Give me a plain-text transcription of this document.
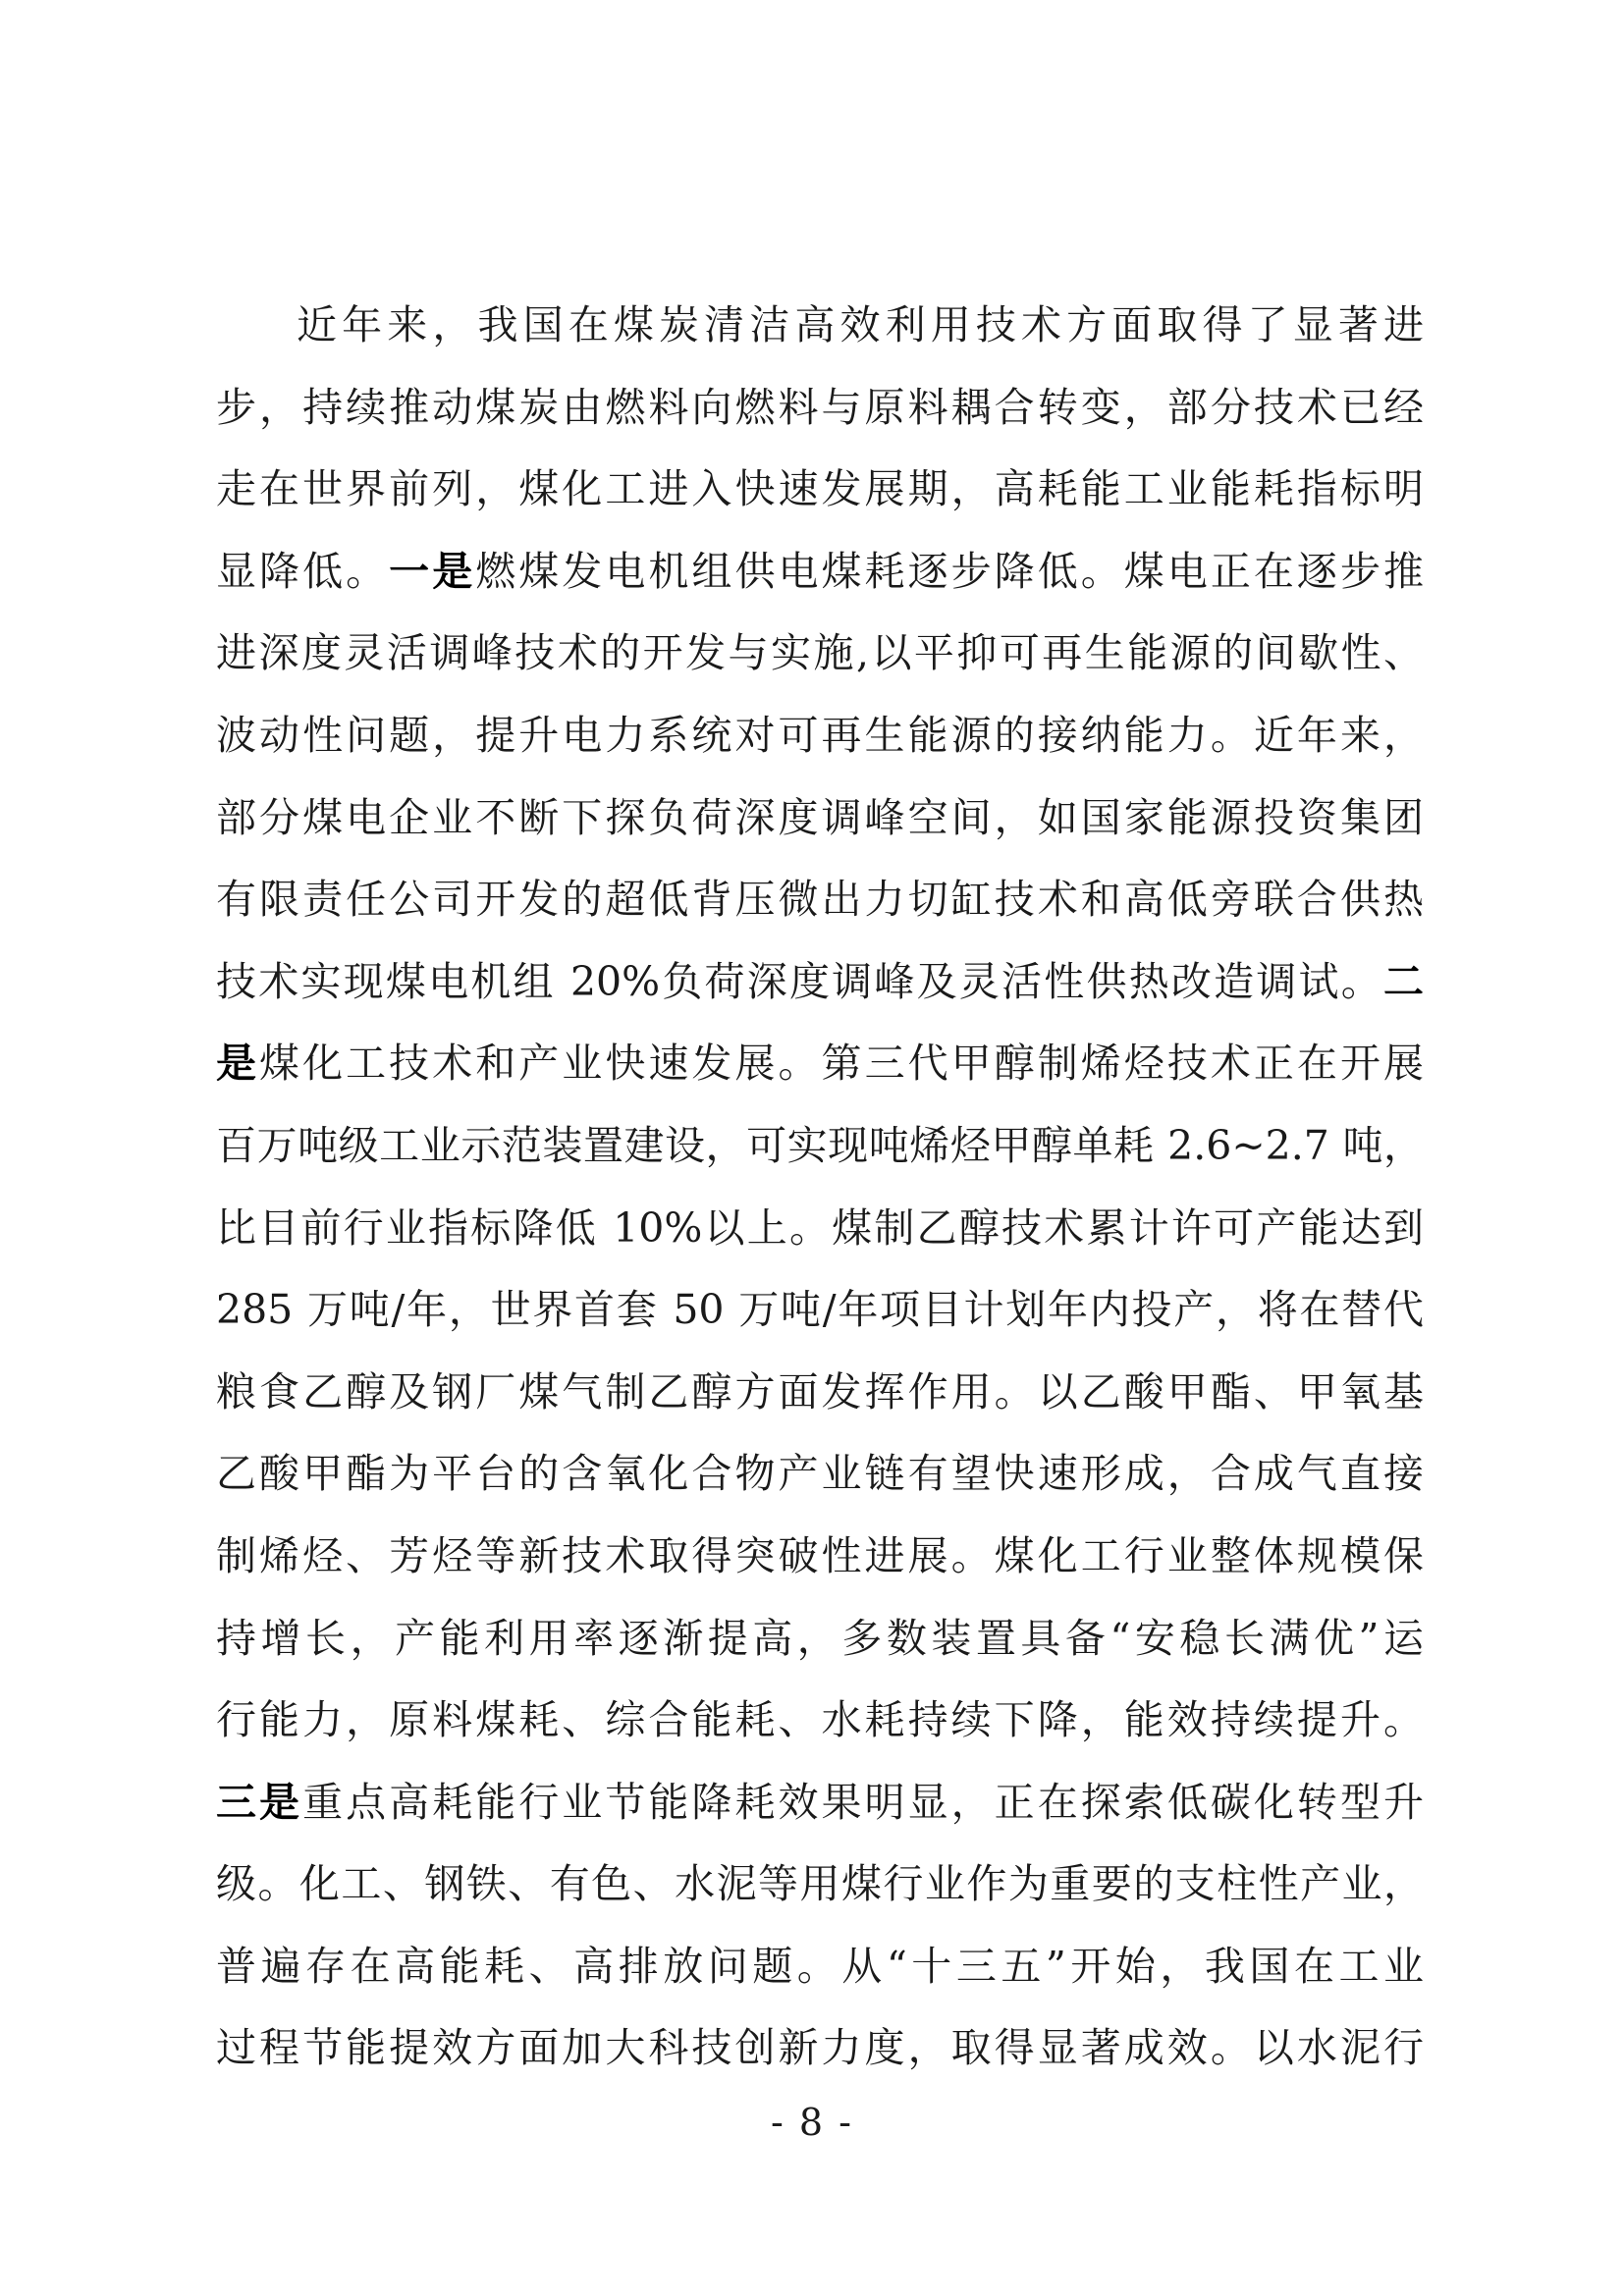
近年来，我国在煤炭清洁高效利用技术方面取得了显著进
步，持续推动煤炭由燃料向燃料与原料耦合转变，部分技术已经
走在世界前列，煤化工进入快速发展期，高耗能工业能耗指标明
显降低。一是燃煤发电机组供电煤耗逐步降低。煤电正在逐步推
进深度灵活调峰技术的开发与实施,以平抑可再生能源的间歇性、
波动性问题，提升电力系统对可再生能源的接纳能力。近年来，
部分煤电企业不断下探负荷深度调峰空间，如国家能源投资集团
有限责任公司开发的超低背压微出力切缸技术和高低旁联合供热
技术实现煤电机组 20%负荷深度调峰及灵活性供热改造调试。二
是煤化工技术和产业快速发展。第三代甲醇制烯烃技术正在开展
百万吨级工业示范装置建设，可实现吨烯烃甲醇单耗 2.6~2.7 吨，
比目前行业指标降低 10%以上。煤制乙醇技术累计许可产能达到
285 万吨/年，世界首套 50 万吨/年项目计划年内投产，将在替代
粮食乙醇及钢厂煤气制乙醇方面发挥作用。以乙酸甲酯、甲氧基
乙酸甲酯为平台的含氧化合物产业链有望快速形成，合成气直接
制烯烃、芳烃等新技术取得突破性进展。煤化工行业整体规模保
持增长，产能利用率逐渐提高，多数装置具备“安稳长满优”运
行能力，原料煤耗、综合能耗、水耗持续下降，能效持续提升。
三是重点高耗能行业节能降耗效果明显，正在探索低碳化转型升
级。化工、钢铁、有色、水泥等用煤行业作为重要的支柱性产业，
普遍存在高能耗、高排放问题。从“十三五”开始，我国在工业
过程节能提效方面加大科技创新力度，取得显著成效。以水泥行
- 8 -
